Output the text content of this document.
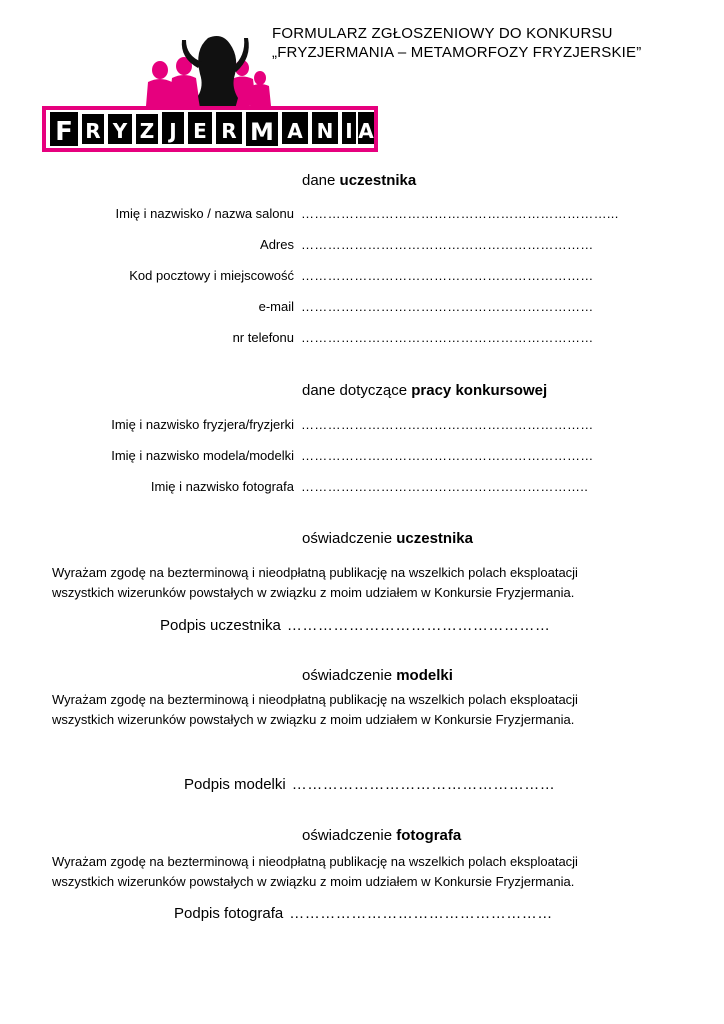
F R Y Z J E R M A N I A
FORMULARZ ZGŁOSZENIOWY DO KONKURSU
„FRYZJERMANIA – METAMORFOZY FRYZJERSKIE”
dane uczestnika
Imię i nazwisko / nazwa salonu ……………………………………………………………...
Adres …………………………………………………………
Kod pocztowy i miejscowość …………………………………………………………
e-mail …………………………………………………………
nr telefonu …………………………………………………………
dane dotyczące pracy konkursowej
Imię i nazwisko fryzjera/fryzjerki …………………………………………………………
Imię i nazwisko modela/modelki …………………………………………………………
Imię i nazwisko fotografa ………………………………………………………..
oświadczenie uczestnika
Wyrażam zgodę na bezterminową i nieodpłatną publikację na wszelkich polach eksploatacji
wszystkich wizerunków powstałych w związku z moim udziałem w Konkursie Fryzjermania.
Podpis uczestnika ……………………………………………
oświadczenie modelki
Wyrażam zgodę na bezterminową i nieodpłatną publikację na wszelkich polach eksploatacji
wszystkich wizerunków powstałych w związku z moim udziałem w Konkursie Fryzjermania.
Podpis modelki ……………………………………………
oświadczenie fotografa
Wyrażam zgodę na bezterminową i nieodpłatną publikację na wszelkich polach eksploatacji
wszystkich wizerunków powstałych w związku z moim udziałem w Konkursie Fryzjermania.
Podpis fotografa ……………………………………………
